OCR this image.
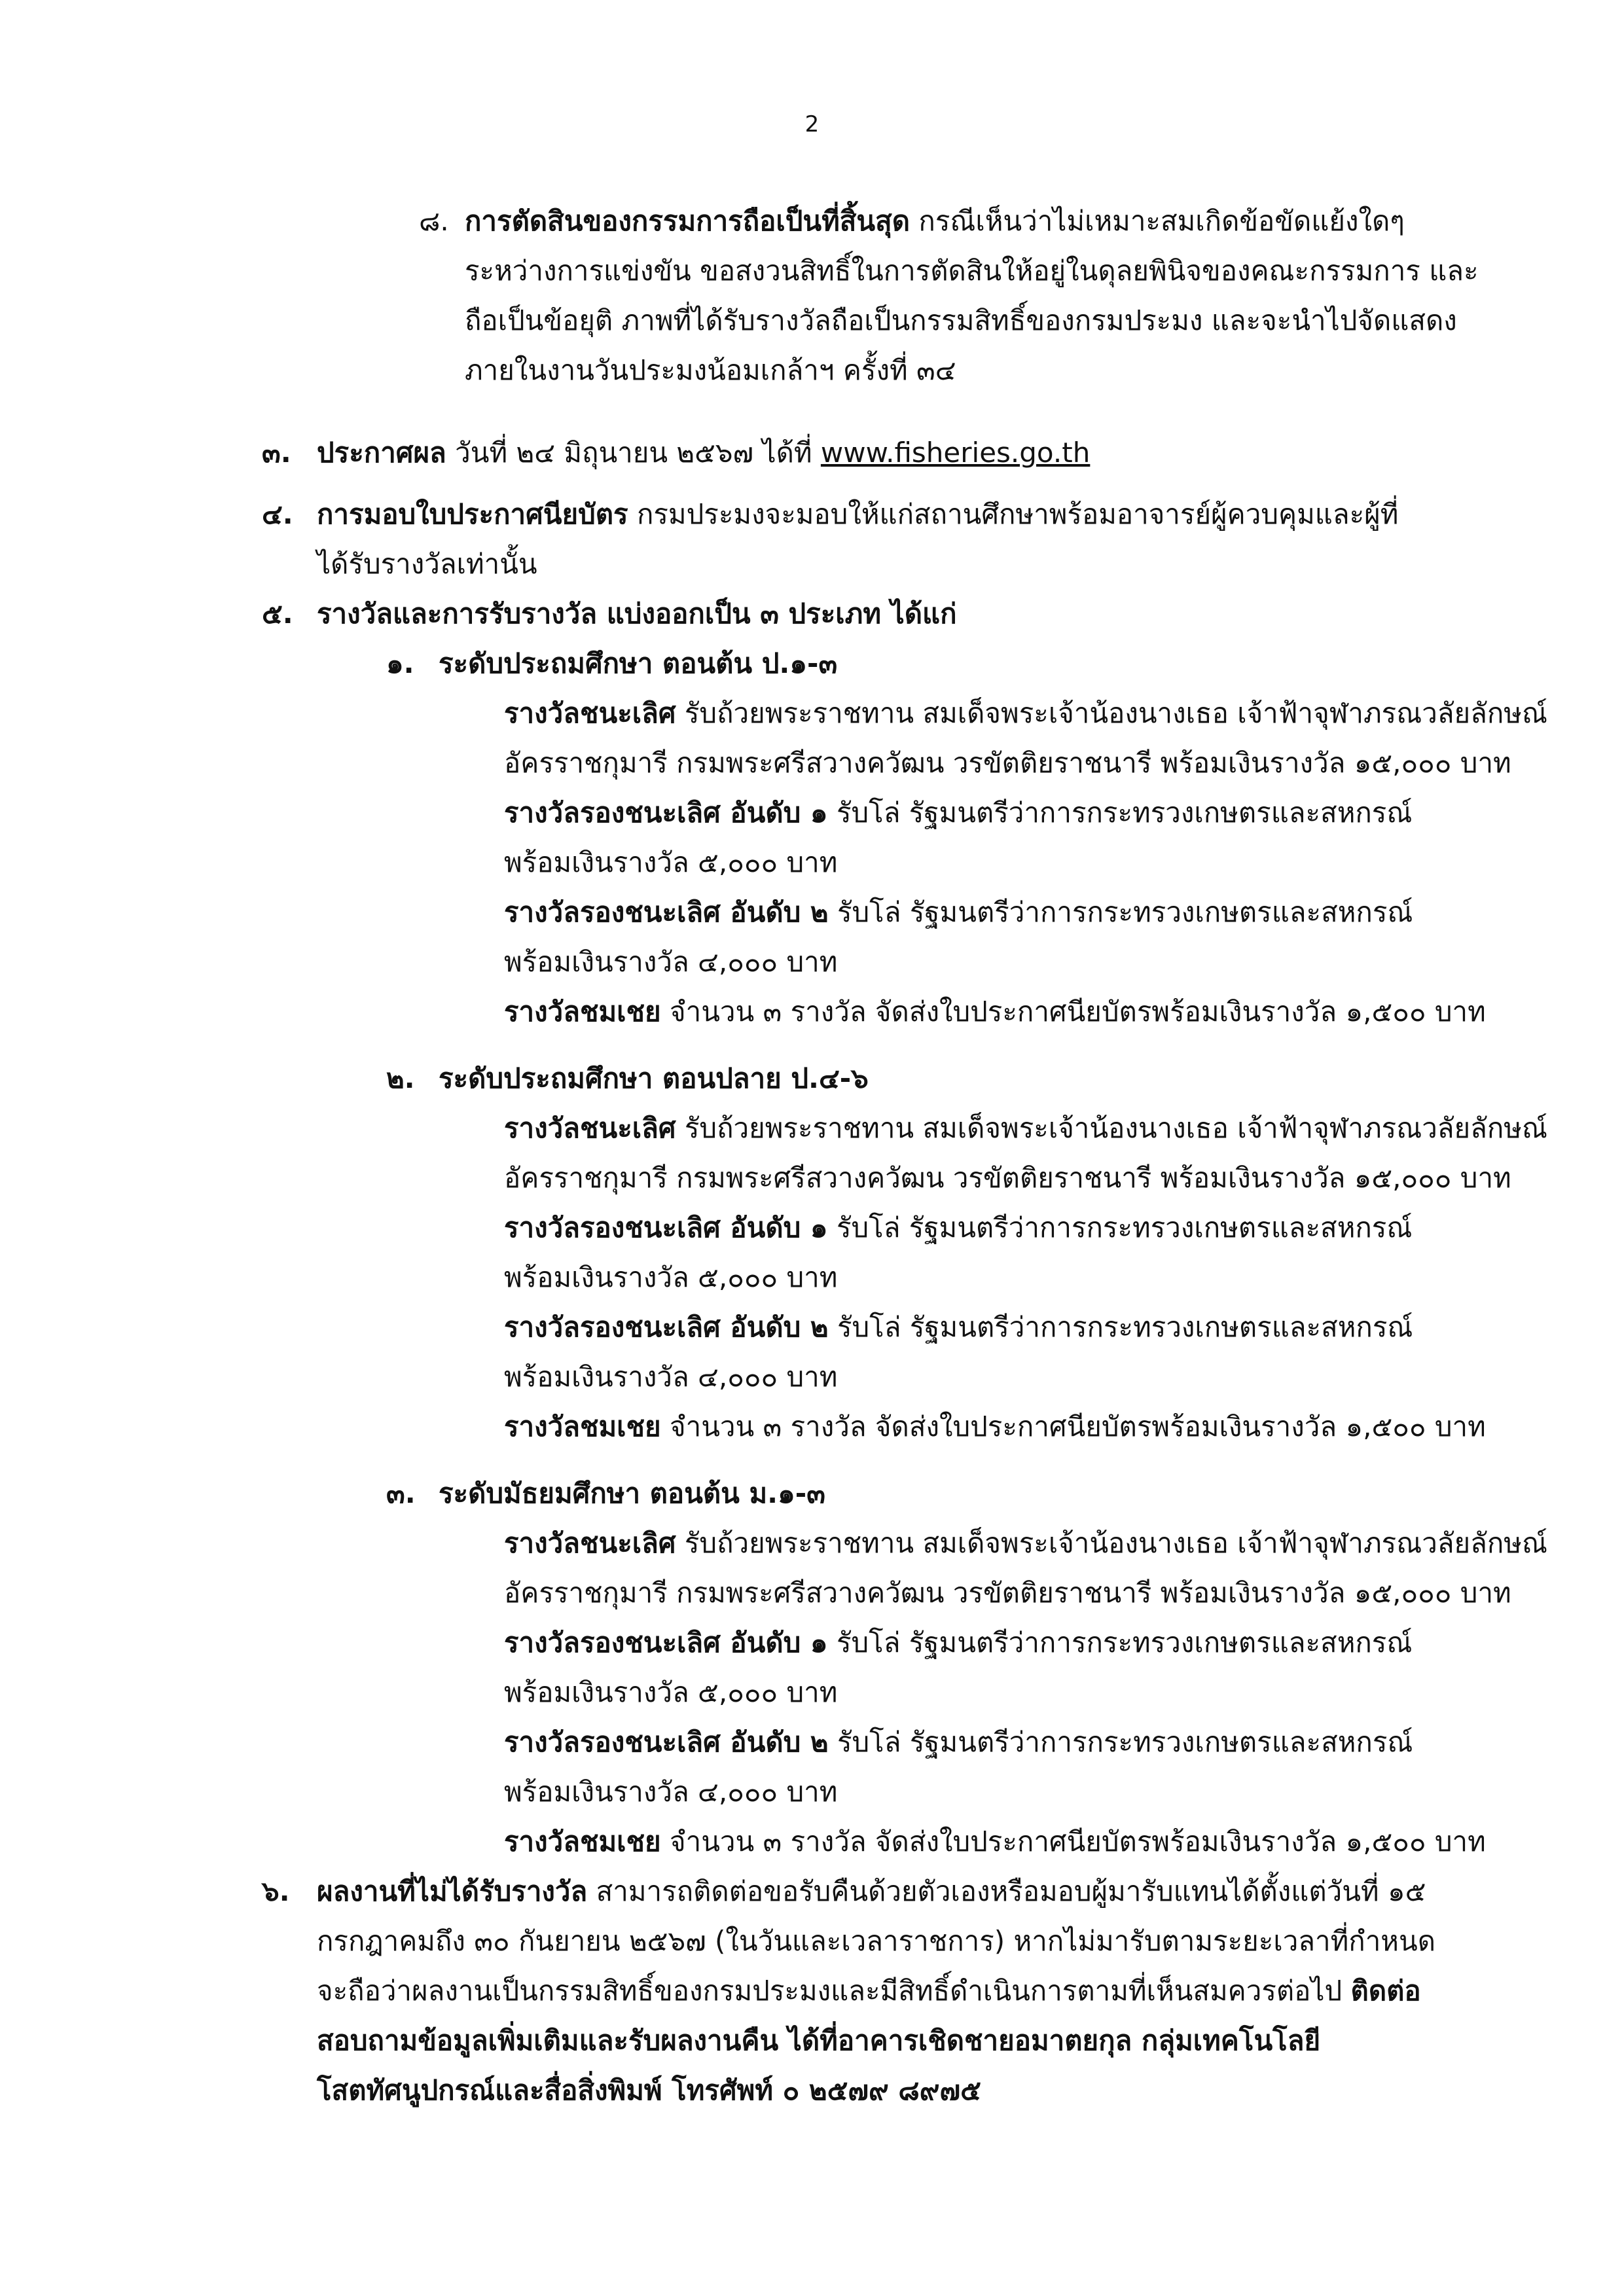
2
๘. การตัดสินของกรรมการถือเป็นที่สิ้นสุด กรณีเห็นว่าไม่เหมาะสมเกิดข้อขัดแย้งใดๆ
ระหว่างการแข่งขัน ขอสงวนสิทธิ์ในการตัดสินให้อยู่ในดุลยพินิจของคณะกรรมการ และ
ถือเป็นข้อยุติ ภาพที่ได้รับรางวัลถือเป็นกรรมสิทธิ์ของกรมประมง และจะนำไปจัดแสดง
ภายในงานวันประมงน้อมเกล้าฯ ครั้งที่ ๓๔
๓. ประกาศผล วันที่ ๒๔ มิถุนายน ๒๕๖๗ ได้ที่ www.fisheries.go.th
๔. การมอบใบประกาศนียบัตร กรมประมงจะมอบให้แก่สถานศึกษาพร้อมอาจารย์ผู้ควบคุมและผู้ที่
ได้รับรางวัลเท่านั้น
๕. รางวัลและการรับรางวัล แบ่งออกเป็น ๓ ประเภท ได้แก่
๑. ระดับประถมศึกษา ตอนต้น ป.๑-๓
รางวัลชนะเลิศ รับถ้วยพระราชทาน สมเด็จพระเจ้าน้องนางเธอ เจ้าฟ้าจุฬาภรณวลัยลักษณ์
อัครราชกุมารี กรมพระศรีสวางควัฒน วรขัตติยราชนารี พร้อมเงินรางวัล ๑๕,๐๐๐ บาท
รางวัลรองชนะเลิศ อันดับ ๑ รับโล่ รัฐมนตรีว่าการกระทรวงเกษตรและสหกรณ์
พร้อมเงินรางวัล ๕,๐๐๐ บาท
รางวัลรองชนะเลิศ อันดับ ๒ รับโล่ รัฐมนตรีว่าการกระทรวงเกษตรและสหกรณ์
พร้อมเงินรางวัล ๔,๐๐๐ บาท
รางวัลชมเชย จำนวน ๓ รางวัล จัดส่งใบประกาศนียบัตรพร้อมเงินรางวัล ๑,๕๐๐ บาท
๒. ระดับประถมศึกษา ตอนปลาย ป.๔-๖
รางวัลชนะเลิศ รับถ้วยพระราชทาน สมเด็จพระเจ้าน้องนางเธอ เจ้าฟ้าจุฬาภรณวลัยลักษณ์
อัครราชกุมารี กรมพระศรีสวางควัฒน วรขัตติยราชนารี พร้อมเงินรางวัล ๑๕,๐๐๐ บาท
รางวัลรองชนะเลิศ อันดับ ๑ รับโล่ รัฐมนตรีว่าการกระทรวงเกษตรและสหกรณ์
พร้อมเงินรางวัล ๕,๐๐๐ บาท
รางวัลรองชนะเลิศ อันดับ ๒ รับโล่ รัฐมนตรีว่าการกระทรวงเกษตรและสหกรณ์
พร้อมเงินรางวัล ๔,๐๐๐ บาท
รางวัลชมเชย จำนวน ๓ รางวัล จัดส่งใบประกาศนียบัตรพร้อมเงินรางวัล ๑,๕๐๐ บาท
๓. ระดับมัธยมศึกษา ตอนต้น ม.๑-๓
รางวัลชนะเลิศ รับถ้วยพระราชทาน สมเด็จพระเจ้าน้องนางเธอ เจ้าฟ้าจุฬาภรณวลัยลักษณ์
อัครราชกุมารี กรมพระศรีสวางควัฒน วรขัตติยราชนารี พร้อมเงินรางวัล ๑๕,๐๐๐ บาท
รางวัลรองชนะเลิศ อันดับ ๑ รับโล่ รัฐมนตรีว่าการกระทรวงเกษตรและสหกรณ์
พร้อมเงินรางวัล ๕,๐๐๐ บาท
รางวัลรองชนะเลิศ อันดับ ๒ รับโล่ รัฐมนตรีว่าการกระทรวงเกษตรและสหกรณ์
พร้อมเงินรางวัล ๔,๐๐๐ บาท
รางวัลชมเชย จำนวน ๓ รางวัล จัดส่งใบประกาศนียบัตรพร้อมเงินรางวัล ๑,๕๐๐ บาท
๖. ผลงานที่ไม่ได้รับรางวัล สามารถติดต่อขอรับคืนด้วยตัวเองหรือมอบผู้มารับแทนได้ตั้งแต่วันที่ ๑๕
กรกฎาคมถึง ๓๐ กันยายน ๒๕๖๗ (ในวันและเวลาราชการ) หากไม่มารับตามระยะเวลาที่กำหนด
จะถือว่าผลงานเป็นกรรมสิทธิ์ของกรมประมงและมีสิทธิ์ดำเนินการตามที่เห็นสมควรต่อไป ติดต่อ
สอบถามข้อมูลเพิ่มเติมและรับผลงานคืน ได้ที่อาคารเชิดชายอมาตยกุล กลุ่มเทคโนโลยี
โสตทัศนูปกรณ์และสื่อสิ่งพิมพ์ โทรศัพท์ ๐ ๒๕๗๙ ๘๙๗๕
